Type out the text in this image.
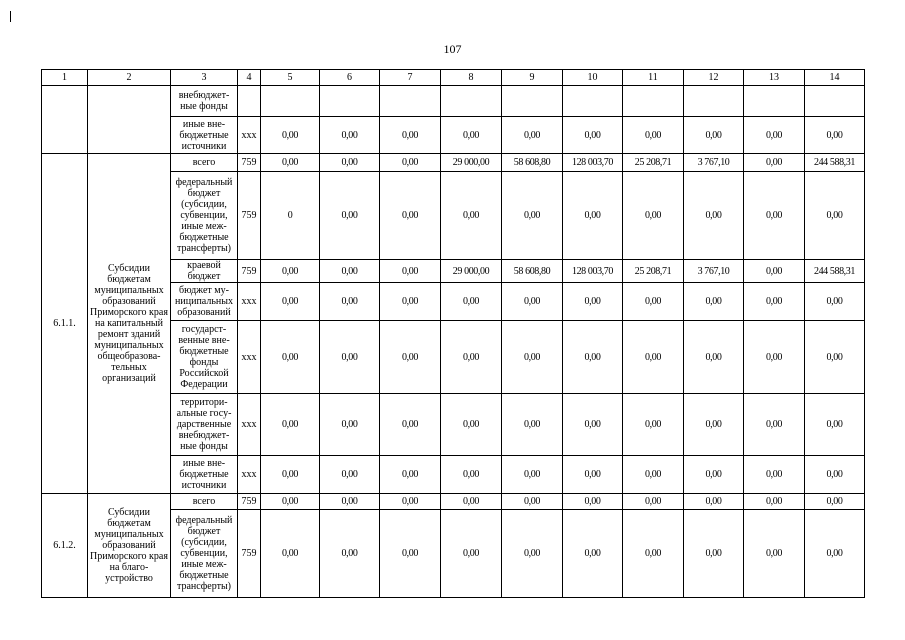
107
1	2	3	4	5	6	7	8	9	10	11	12	13	14
		внебюджет-ные фонды											
		иные вне-бюджетные источники	ххх	0,00	0,00	0,00	0,00	0,00	0,00	0,00	0,00	0,00	0,00
6.1.1.	Субсидии бюджетам муниципальных образований Приморского края на капитальный ремонт зданий муниципальных общеобразова-тельных организаций	всего	759	0,00	0,00	0,00	29 000,00	58 608,80	128 003,70	25 208,71	3 767,10	0,00	244 588,31
		федеральный бюджет (субсидии, субвенции, иные меж-бюджетные трансферты)	759	0	0,00	0,00	0,00	0,00	0,00	0,00	0,00	0,00	0,00
		краевой бюджет	759	0,00	0,00	0,00	29 000,00	58 608,80	128 003,70	25 208,71	3 767,10	0,00	244 588,31
		бюджет му-ниципальных образований	ххх	0,00	0,00	0,00	0,00	0,00	0,00	0,00	0,00	0,00	0,00
		государст-венные вне-бюджетные фонды Российской Федерации	ххх	0,00	0,00	0,00	0,00	0,00	0,00	0,00	0,00	0,00	0,00
		территори-альные госу-дарственные внебюджет-ные фонды	ххх	0,00	0,00	0,00	0,00	0,00	0,00	0,00	0,00	0,00	0,00
		иные вне-бюджетные источники	ххх	0,00	0,00	0,00	0,00	0,00	0,00	0,00	0,00	0,00	0,00
6.1.2.	Субсидии бюджетам муниципальных образований Приморского края на благо-устройство	всего	759	0,00	0,00	0,00	0,00	0,00	0,00	0,00	0,00	0,00	0,00
		федеральный бюджет (субсидии, субвенции, иные меж-бюджетные трансферты)	759	0,00	0,00	0,00	0,00	0,00	0,00	0,00	0,00	0,00	0,00
